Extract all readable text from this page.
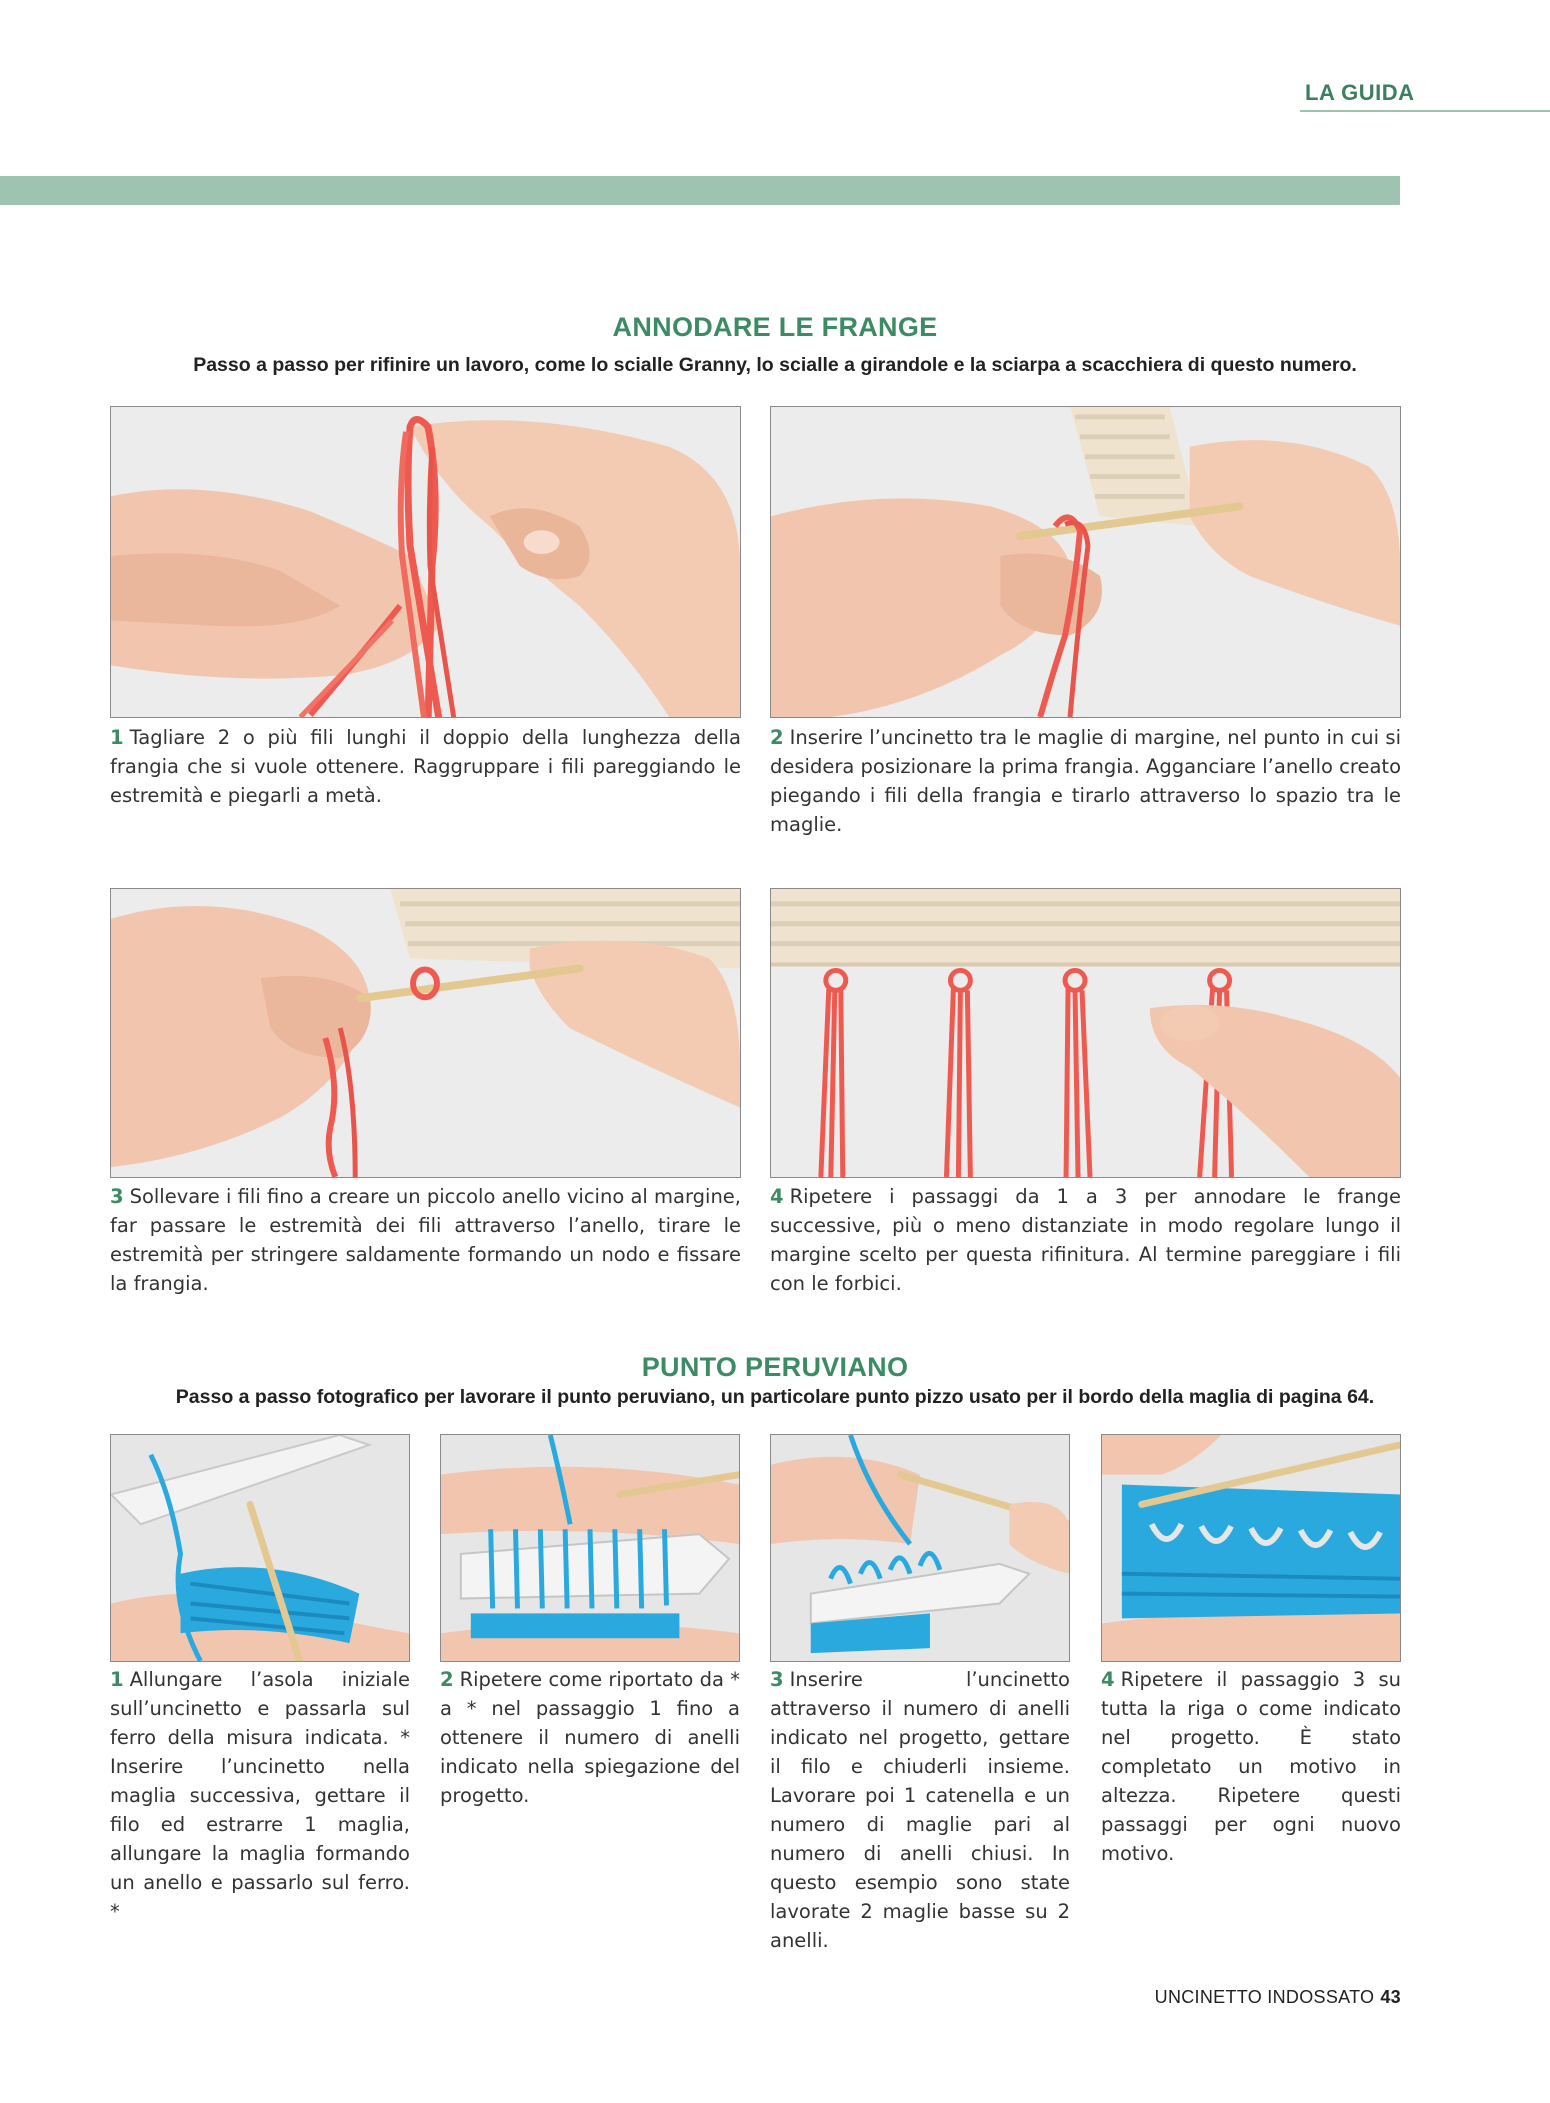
LA GUIDA
ANNODARE LE FRANGE
Passo a passo per rifinire un lavoro, come lo scialle Granny, lo scialle a girandole e la sciarpa a scacchiera di questo numero.

1 Tagliare 2 o più fili lunghi il doppio della lunghezza della frangia che si vuole ottenere. Raggruppare i fili pareggiando le estremità e piegarli a metà.

2 Inserire l’uncinetto tra le maglie di margine, nel punto in cui si desidera posizionare la prima frangia. Agganciare l’anello creato piegando i fili della frangia e tirarlo attraverso lo spazio tra le maglie.

3 Sollevare i fili fino a creare un piccolo anello vicino al margine, far passare le estremità dei fili attraverso l’anello, tirare le estremità per stringere saldamente formando un nodo e fissare la frangia.

4 Ripetere i passaggi da 1 a 3 per annodare le frange successive, più o meno distanziate in modo regolare lungo il margine scelto per questa rifinitura. Al termine pareggiare i fili con le forbici.

PUNTO PERUVIANO
Passo a passo fotografico per lavorare il punto peruviano, un particolare punto pizzo usato per il bordo della maglia di pagina 64.

1 Allungare l’asola iniziale sull’uncinetto e passarla sul ferro della misura indicata. * Inserire l’uncinetto nella maglia successiva, gettare il filo ed estrarre 1 maglia, allungare la maglia formando un anello e passarlo sul ferro. *

2 Ripetere come riportato da * a * nel passaggio 1 fino a ottenere il numero di anelli indicato nella spiegazione del progetto.

3 Inserire l’uncinetto attraverso il numero di anelli indicato nel progetto, gettare il filo e chiuderli insieme. Lavorare poi 1 catenella e un numero di maglie pari al numero di anelli chiusi. In questo esempio sono state lavorate 2 maglie basse su 2 anelli.

4 Ripetere il passaggio 3 su tutta la riga o come indicato nel progetto. È stato completato un motivo in altezza. Ripetere questi passaggi per ogni nuovo motivo.

UNCINETTO INDOSSATO 43
